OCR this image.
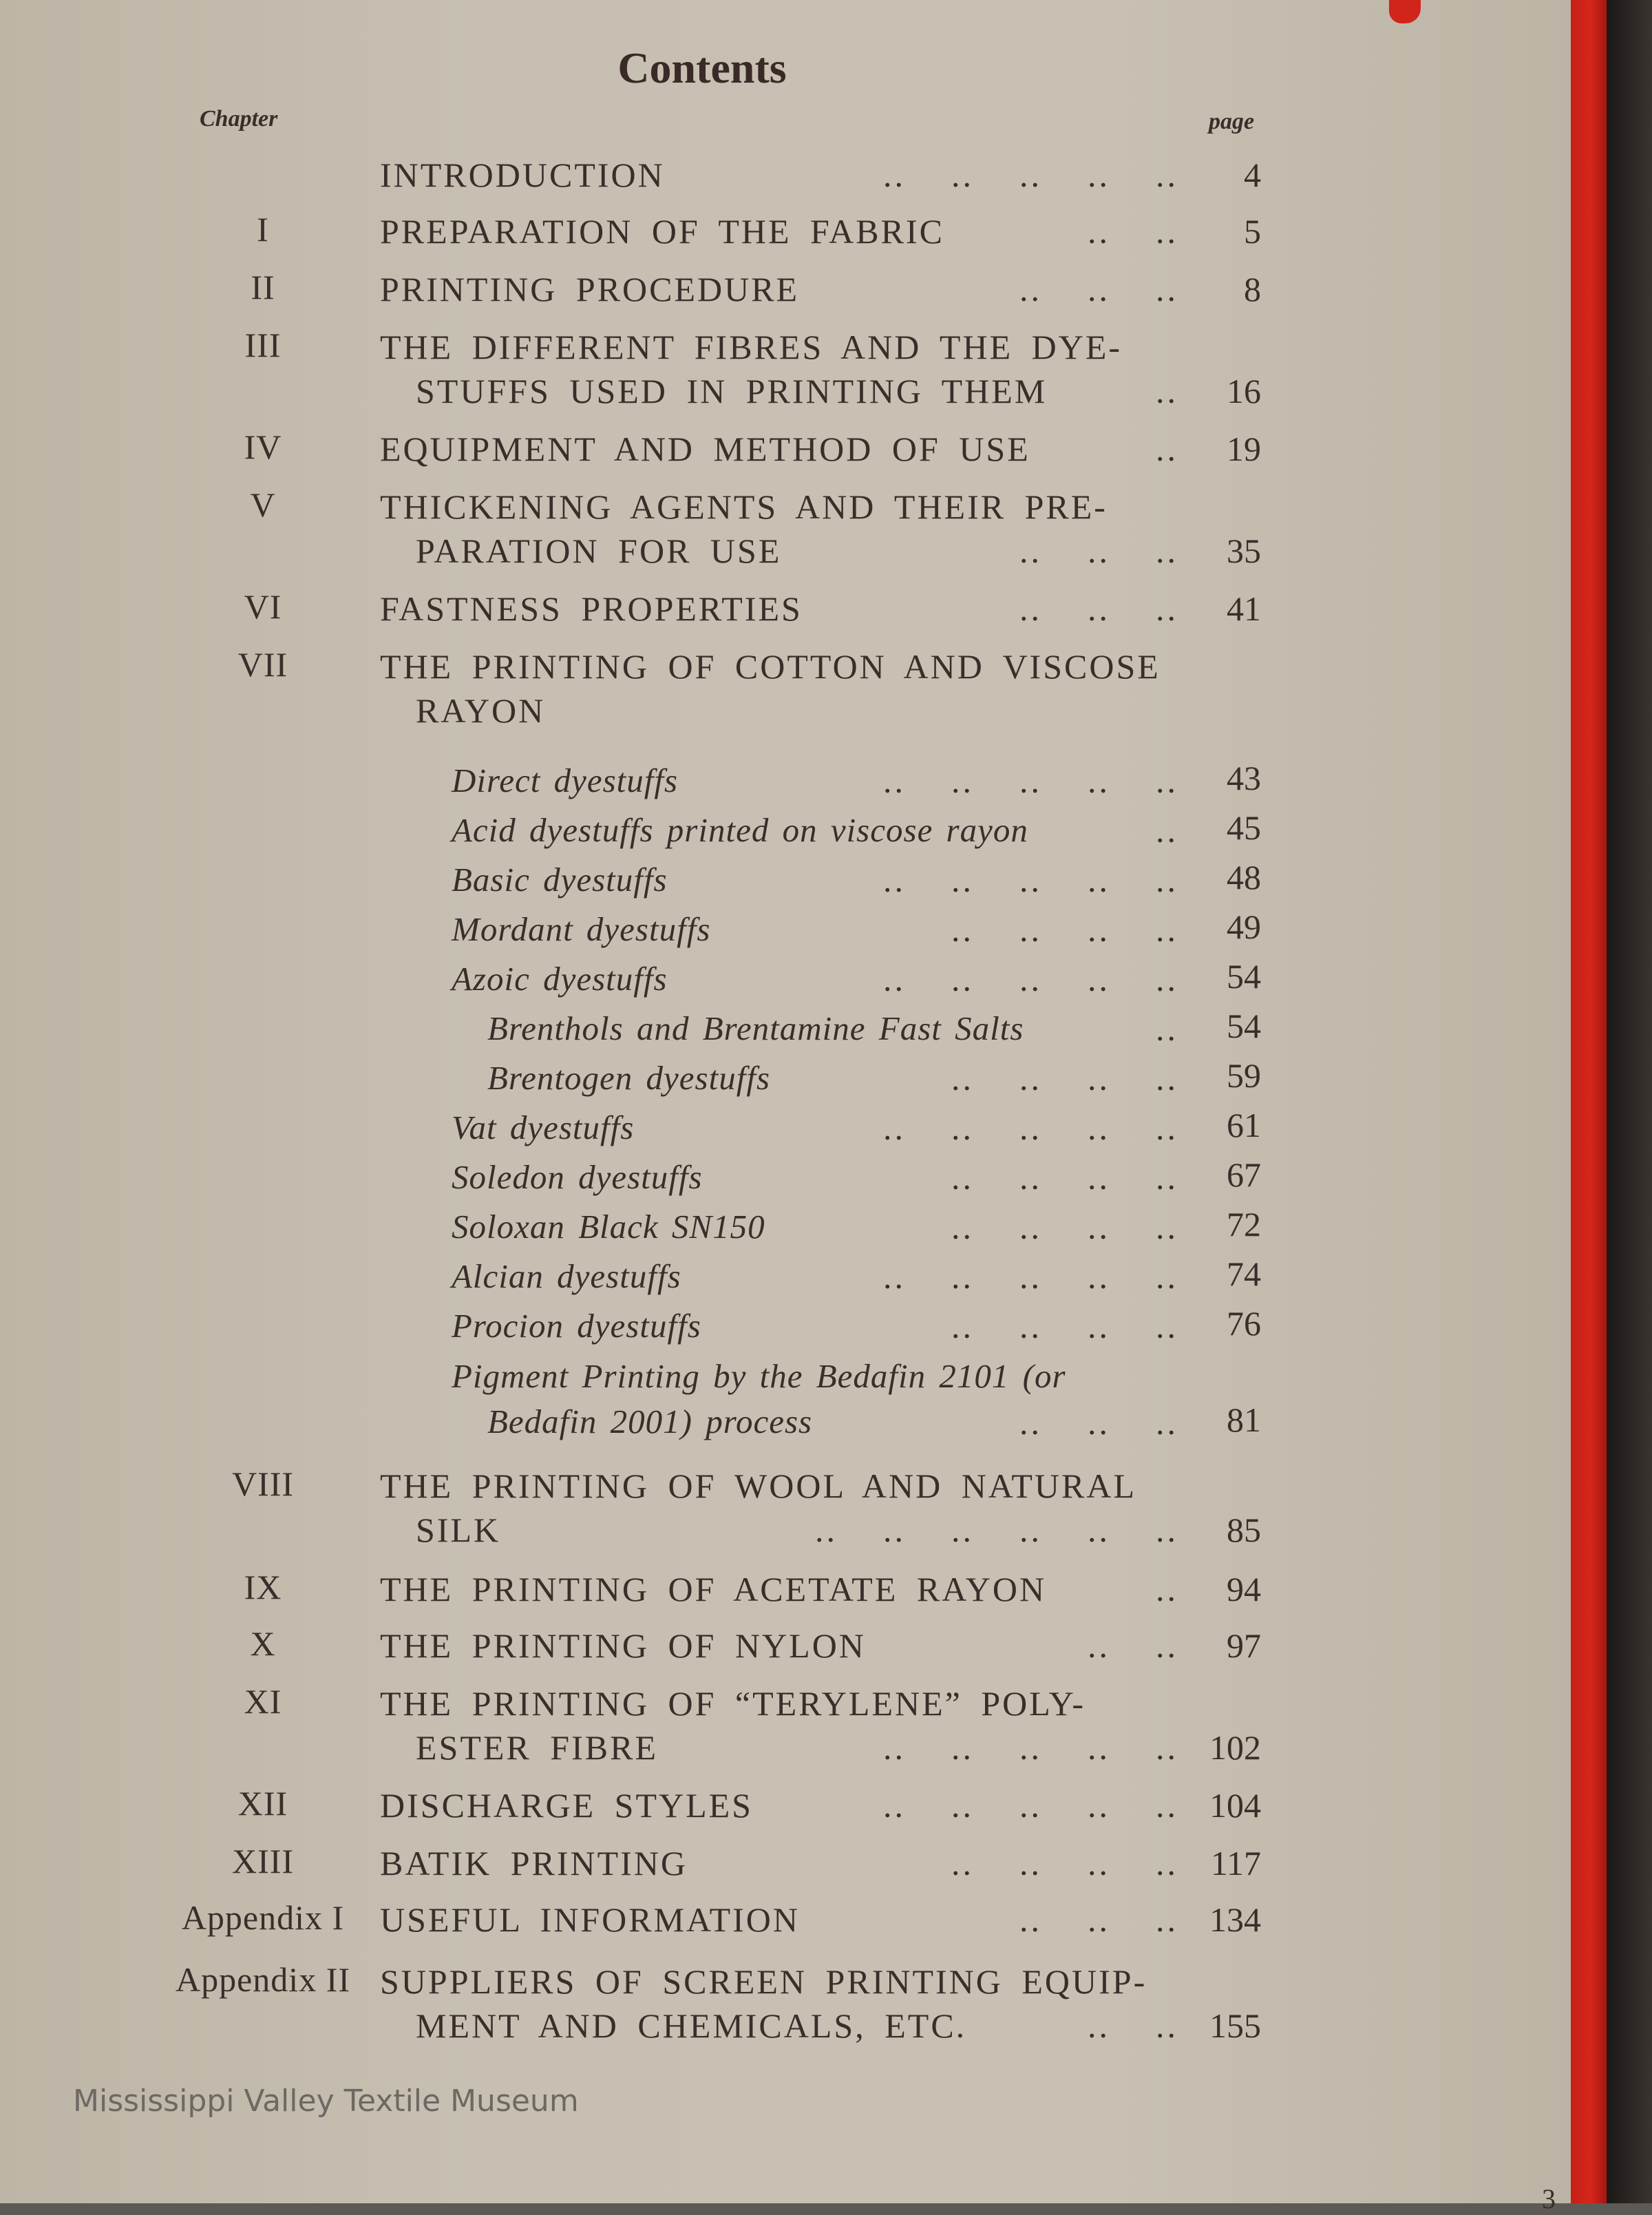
Contents
Chapter	page
INTRODUCTION	..    ..    ..    ..    ..	4
I	PREPARATION OF THE FABRIC	..    ..	5
II	PRINTING PROCEDURE	..    ..    ..	8
III	THE DIFFERENT FIBRES AND THE DYE-
STUFFS USED IN PRINTING THEM	..	16
IV	EQUIPMENT AND METHOD OF USE	..	19
V	THICKENING AGENTS AND THEIR PRE-
PARATION FOR USE	..    ..    ..	35
VI	FASTNESS PROPERTIES	..    ..    ..	41
VII	THE PRINTING OF COTTON AND VISCOSE
RAYON
Direct dyestuffs	..    ..    ..    ..    ..	43
Acid dyestuffs printed on viscose rayon	..	45
Basic dyestuffs	..    ..    ..    ..    ..	48
Mordant dyestuffs	..    ..    ..    ..	49
Azoic dyestuffs	..    ..    ..    ..    ..	54
Brenthols and Brentamine Fast Salts	..	54
Brentogen dyestuffs	..    ..    ..    ..	59
Vat dyestuffs	..    ..    ..    ..    ..	61
Soledon dyestuffs	..    ..    ..    ..	67
Soloxan Black SN150	..    ..    ..    ..	72
Alcian dyestuffs	..    ..    ..    ..    ..	74
Procion dyestuffs	..    ..    ..    ..	76
Pigment Printing by the Bedafin 2101 (or
Bedafin 2001) process	..    ..    ..	81
VIII	THE PRINTING OF WOOL AND NATURAL
SILK	..    ..    ..    ..    ..    ..	85
IX	THE PRINTING OF ACETATE RAYON	..	94
X	THE PRINTING OF NYLON	..    ..	97
XI	THE PRINTING OF “TERYLENE” POLY-
ESTER FIBRE	..    ..    ..    ..    .. 102
XII	DISCHARGE STYLES	..    ..    ..    ..    .. 104
XIII	BATIK PRINTING	..    ..    ..    .. 117
Appendix I	USEFUL INFORMATION	..    ..    .. 134
Appendix II SUPPLIERS OF SCREEN PRINTING EQUIP-
MENT AND CHEMICALS, ETC.	..    .. 155
Mississippi Valley Textile Museum
3
